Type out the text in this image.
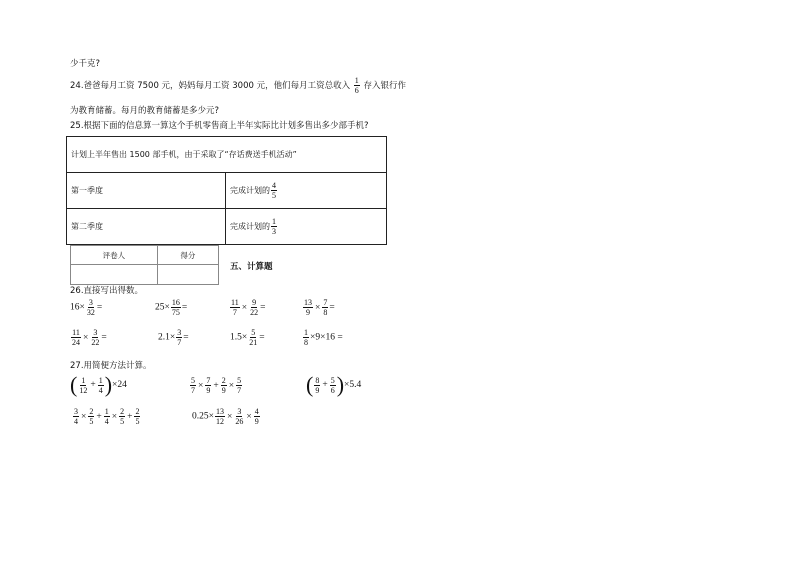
少千克?
24.爸爸每月工资 7500 元，妈妈每月工资 3000 元，他们每月工资总收入 $\frac{1}{6}$ 存入银行作
为教育储蓄。每月的教育储蓄是多少元?
25.根据下面的信息算一算这个手机零售商上半年实际比计划多售出多少部手机?
计划上半年售出 1500 部手机，由于采取了“存话费送手机活动”	
第一季度	完成计划的 $\frac{4}{5}$

第二季度	完成计划的 $\frac{1}{3}$
评卷人	得分

五、计算题
26.直接写出得数。
$16\times \frac{3}{32}$ =	$25\times \frac{16}{75}$ =	$\frac{11}{7} \times \frac{9}{22}$ =	$\frac{13}{9} \times \frac{7}{8}$ =
$\frac{11}{24} \times \frac{3}{22}$ =	$2.1\times \frac{3}{7}$ =	$1.5\times \frac{5}{21}$ =	$\frac{1}{8} \times 9\times 16$ =
27.用简便方法计算。
( $\frac{1}{12} + \frac{1}{4} )\times 24$	$\frac{5}{7} \times \frac{7}{9} + \frac{2}{9} \times \frac{5}{7}$	( $\frac{8}{9} + \frac{5}{6} )\times 5.4$
$\frac{3}{4} \times \frac{2}{5} + \frac{1}{4} \times \frac{2}{5} + \frac{2}{5}$	$0.25\times \frac{13}{12} \times \frac{3}{26} \times \frac{4}{9}$
